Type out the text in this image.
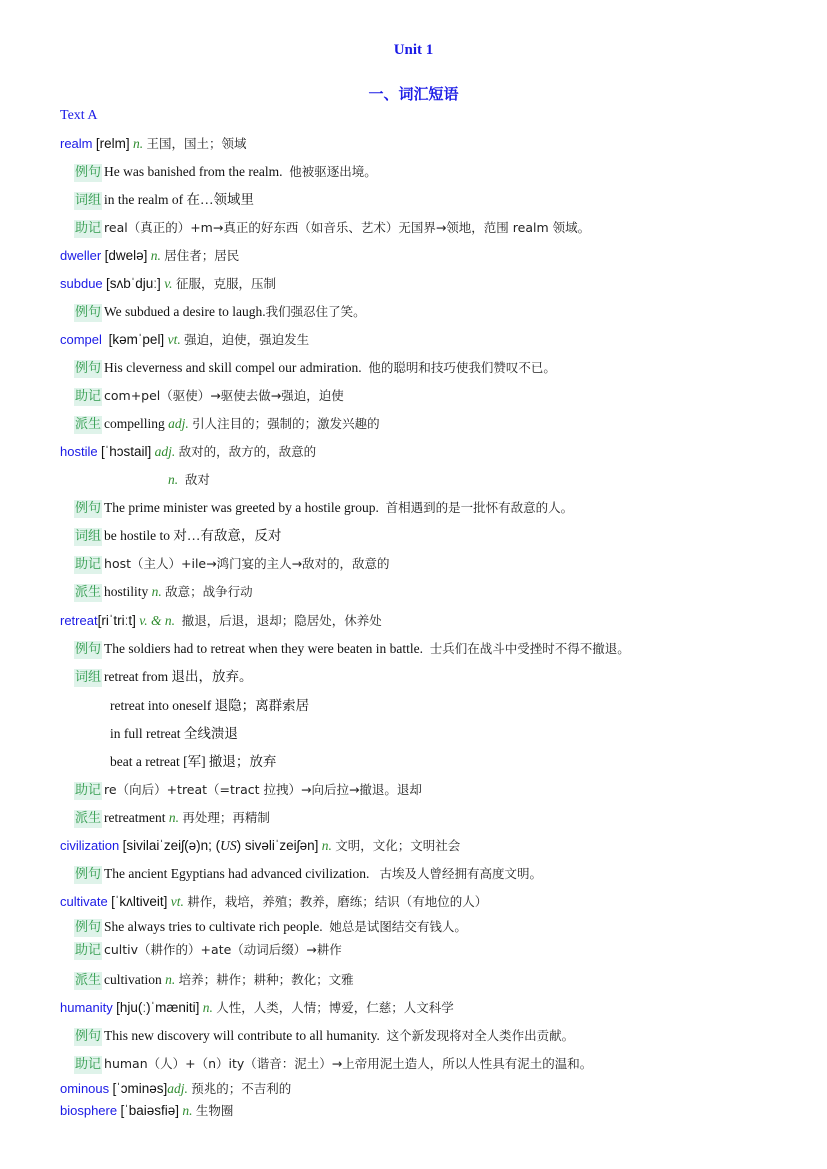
Unit 1
一、词汇短语
Text A
realm [relm] n. 王国，国土；领域
例句 He was banished from the realm. 他被驱逐出境。
词组 in the realm of 在…领域里
助记 real（真正的）+m→真正的好东西（如音乐、艺术）无国界→领地，范围 realm 领域。
dweller [dwelə] n. 居住者；居民
subdue [sʌbˈdjuː] v. 征服，克服，压制
例句 We subdued a desire to laugh.我们强忍住了笑。
compel [kəmˈpel] vt. 强迫，迫使，强迫发生
例句 His cleverness and skill compel our admiration. 他的聪明和技巧使我们赞叹不已。
助记 com+pel（驱使）→驱使去做→强迫，迫使
派生 compelling adj. 引人注目的；强制的；激发兴趣的
hostile [ˈhɔstail] adj. 敌对的，敌方的，敌意的
n. 敌对
例句 The prime minister was greeted by a hostile group. 首相遇到的是一批怀有敌意的人。
词组 be hostile to 对…有敌意，反对
助记 host（主人）+ile→鸿门宴的主人→敌对的，敌意的
派生 hostility n. 敌意；战争行动
retreat[riˈtriːt] v. & n. 撤退，后退，退却；隐居处，休养处
例句 The soldiers had to retreat when they were beaten in battle. 士兵们在战斗中受挫时不得不撤退。
词组 retreat from 退出，放弃。
retreat into oneself 退隐；离群索居
in full retreat 全线溃退
beat a retreat [军] 撤退；放弃
助记 re（向后）+treat（=tract 拉拽）→向后拉→撤退。退却
派生 retreatment n. 再处理；再精制
civilization [sivilaiˈzeiʃ(ə)n; (US) sivəliˈzeiʃən] n. 文明，文化；文明社会
例句 The ancient Egyptians had advanced civilization. 古埃及人曾经拥有高度文明。
cultivate [ˈkʌltiveit] vt. 耕作，栽培，养殖；教养，磨练；结识（有地位的人）
例句 She always tries to cultivate rich people. 她总是试图结交有钱人。
助记 cultiv（耕作的）+ate（动词后缀）→耕作
派生 cultivation n. 培养；耕作；耕种；教化；文雅
humanity [hju(ː)ˈmæniti] n. 人性，人类，人情；博爱，仁慈；人文科学
例句 This new discovery will contribute to all humanity. 这个新发现将对全人类作出贡献。
助记 human（人）+（n）ity（谐音：泥土）→上帝用泥土造人，所以人性具有泥土的温和。
ominous [ˈɔminəs]adj. 预兆的；不吉利的
biosphere [ˈbaiəsfiə] n. 生物圈
